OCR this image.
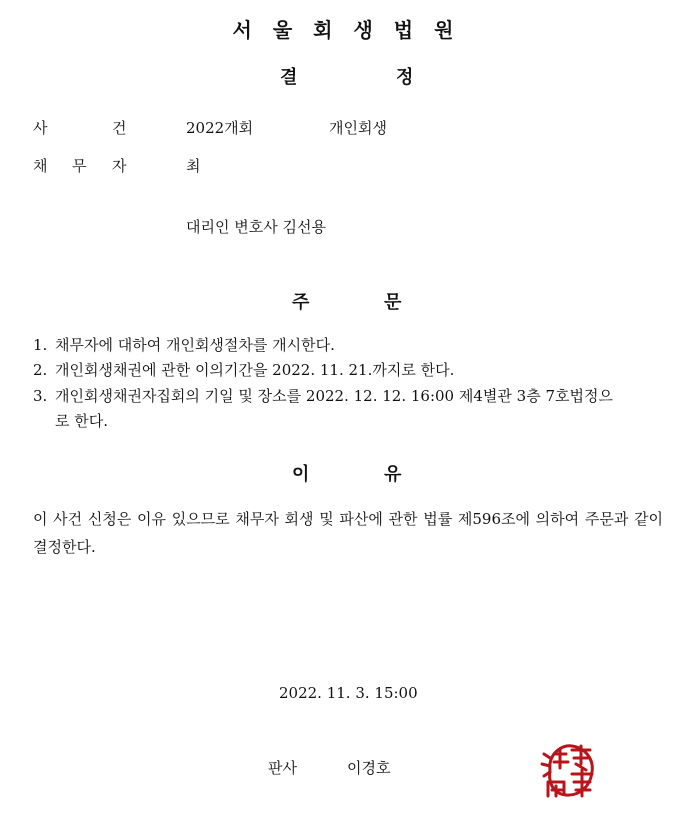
서울회생법원
결	정
사	건	2022개회	개인회생
채 무 자	최
대리인 변호사 김선용
주	문
1. 채무자에 대하여 개인회생절차를 개시한다.
2. 개인회생채권에 관한 이의기간을 2022. 11. 21.까지로 한다.
3. 개인회생채권자집회의 기일 및 장소를 2022. 12. 12. 16:00 제4별관 3층 7호법정으
로 한다.
이	유
이 사건 신청은 이유 있으므로 채무자 회생 및 파산에 관한 법률 제596조에 의하여 주문과 같이 결정한다.
2022. 11. 3. 15:00
판사	이경호
